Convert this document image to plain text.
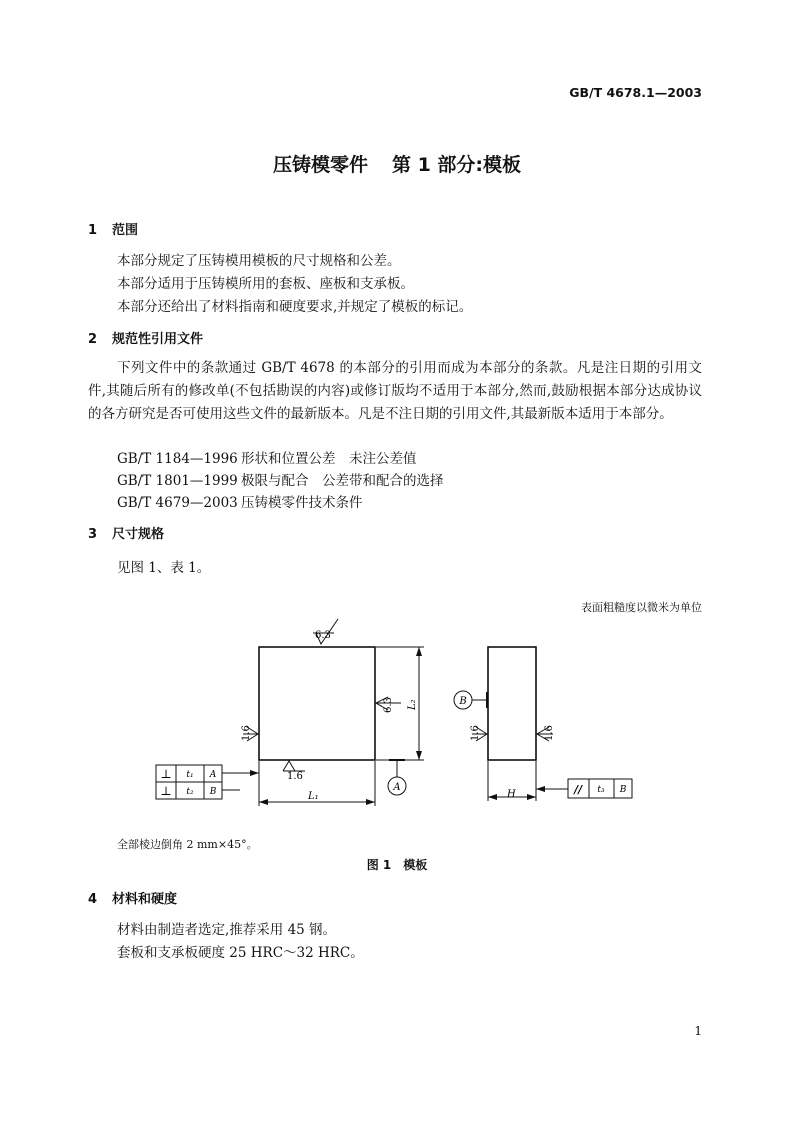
GB/T 4678.1—2003
压铸模零件 第 1 部分:模板
1 范围
本部分规定了压铸模用模板的尺寸规格和公差。
本部分适用于压铸模所用的套板、座板和支承板。
本部分还给出了材料指南和硬度要求,并规定了模板的标记。
2 规范性引用文件
下列文件中的条款通过 GB/T 4678 的本部分的引用而成为本部分的条款。凡是注日期的引用文件,其随后所有的修改单(不包括勘误的内容)或修订版均不适用于本部分,然而,鼓励根据本部分达成协议的各方研究是否可使用这些文件的最新版本。凡是不注日期的引用文件,其最新版本适用于本部分。
GB/T 1184—1996 形状和位置公差　未注公差值
GB/T 1801—1999 极限与配合　公差带和配合的选择
GB/T 4679—2003 压铸模零件技术条件
3 尺寸规格
见图 1、表 1。
表面粗糙度以微米为单位
6.3
6.3
1.6
1.6
1.6	1.6
L₂
L₁	H
A
B
⊥ t₁ A
⊥ t₂ B	// t₃ B
全部棱边倒角 2 mm×45°。
图 1　模板
4 材料和硬度
材料由制造者选定,推荐采用 45 钢。
套板和支承板硬度 25 HRC～32 HRC。
1
